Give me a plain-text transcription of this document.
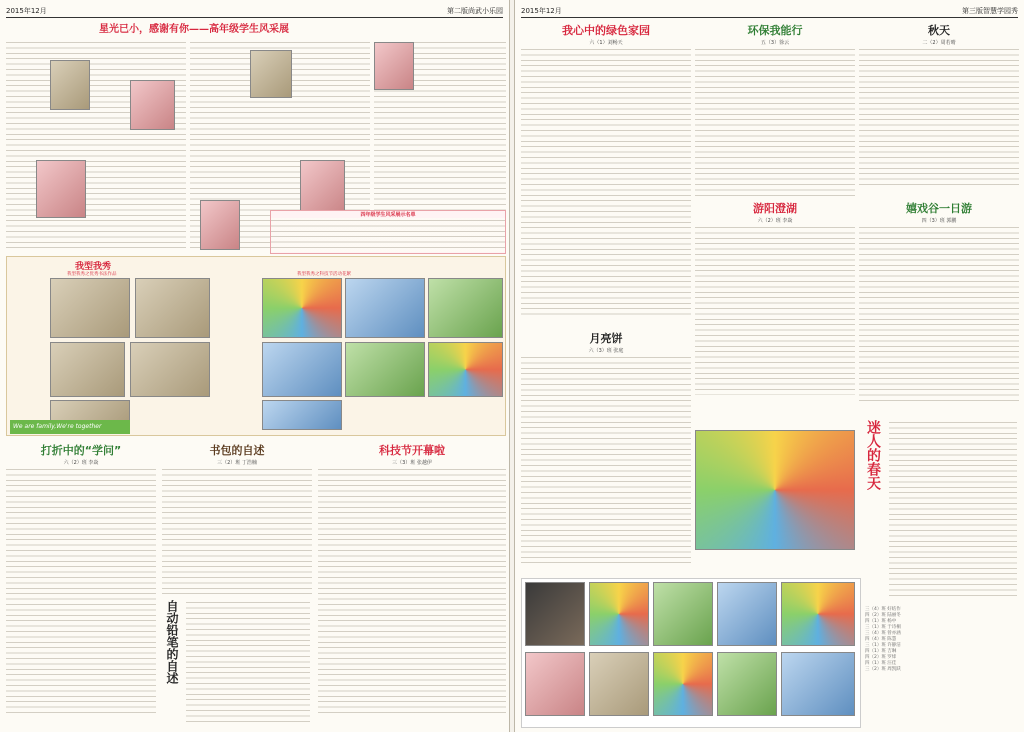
2015年12月	第二版尚武小乐园
星光已小，感谢有你——高年级学生风采展
四年级学生风采展示名单
我型我秀
我型我秀之优秀书法作品	我型我秀之科技节活动花絮
We are family,We're together
打折中的“学问”
六（2）班 李焱
书包的自述
三（2）班 丁浩楠
自动铅笔的自述
科技节开幕啦
三（3）班 张越伊
2015年12月	第三版智慧学园秀
我心中的绿色家园
六（1）刘畅天
环保我能行
五（3）徐云
秋天
二（2）周若晴
游阳澄湖
六（2）班 李焱
嬉戏谷一日游
四（3）班 郭鹏
月亮饼
六（3）班 张庭
迷人的春天
三（4）班 好结作
四（2）班 陆丽冬
四（1）班 杨中
三（1）班 于诗桐
三（4）班 曾亦涵
四（4）班 陈慧
三（1）班 许静洁
四（1）班 吉琳
四（2）班 罗烽
四（1）班 汪佳
三（2）班 周凯跃
